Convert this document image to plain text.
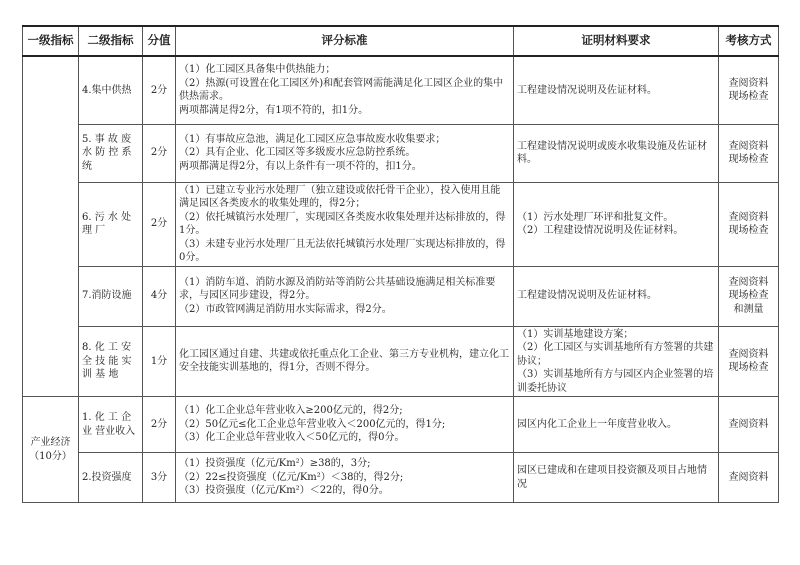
一级指标	二级指标	分值	评分标准	证明材料要求	考核方式

	4.集中供热	2分	（1）化工园区具备集中供热能力；
（2）热源(可设置在化工园区外)和配套管网需能满足化工园区企业的集中供热需求。
两项都满足得2分，有1项不符的，扣1分。	工程建设情况说明及佐证材料。	查阅资料
现场检查

	5. 事 故 废 水 防 控 系 统	2分	（1）有事故应急池，满足化工园区应急事故废水收集要求；
（2）具有企业、化工园区等多级废水应急防控系统。
两项都满足得2分，有以上条件有一项不符的，扣1分。	工程建设情况说明或废水收集设施及佐证材料。	查阅资料
现场检查

	6. 污 水 处 理 厂	2分	（1）已建立专业污水处理厂（独立建设或依托骨干企业），投入使用且能满足园区各类废水的收集处理的，得2分；
（2）依托城镇污水处理厂，实现园区各类废水收集处理并达标排放的，得1分。
（3）未建专业污水处理厂且无法依托城镇污水处理厂实现达标排放的，得0分。	（1）污水处理厂环评和批复文件。
（2）工程建设情况说明及佐证材料。	查阅资料
现场检查

	7.消防设施	4分	（1）消防车道、消防水源及消防站等消防公共基础设施满足相关标准要求，与园区同步建设，得2分。
（2）市政管网满足消防用水实际需求，得2分。	工程建设情况说明及佐证材料。	查阅资料
现场检查
和测量

	8. 化 工 安 全 技 能 实 训 基 地	1分	化工园区通过自建、共建或依托重点化工企业、第三方专业机构，建立化工安全技能实训基地的，得1分，否则不得分。	（1）实训基地建设方案；
（2）化工园区与实训基地所有方签署的共建协议；
（3）实训基地所有方与园区内企业签署的培训委托协议	查阅资料
现场检查

产业经济（10分）	1. 化 工 企 业 营业收入	2分	（1）化工企业总年营业收入≥200亿元的，得2分;
（2）50亿元≤化工企业总年营业收入＜200亿元的，得1分;
（3）化工企业总年营业收入＜50亿元的，得0分。	园区内化工企业上一年度营业收入。	查阅资料

	2.投资强度	3分	（1）投资强度（亿元/Km²）≥38的，3分;
（2）22≤投资强度（亿元/Km²）＜38的，得2分;
（3）投资强度（亿元/Km²）＜22的，得0分。	园区已建成和在建项目投资额及项目占地情况	查阅资料
